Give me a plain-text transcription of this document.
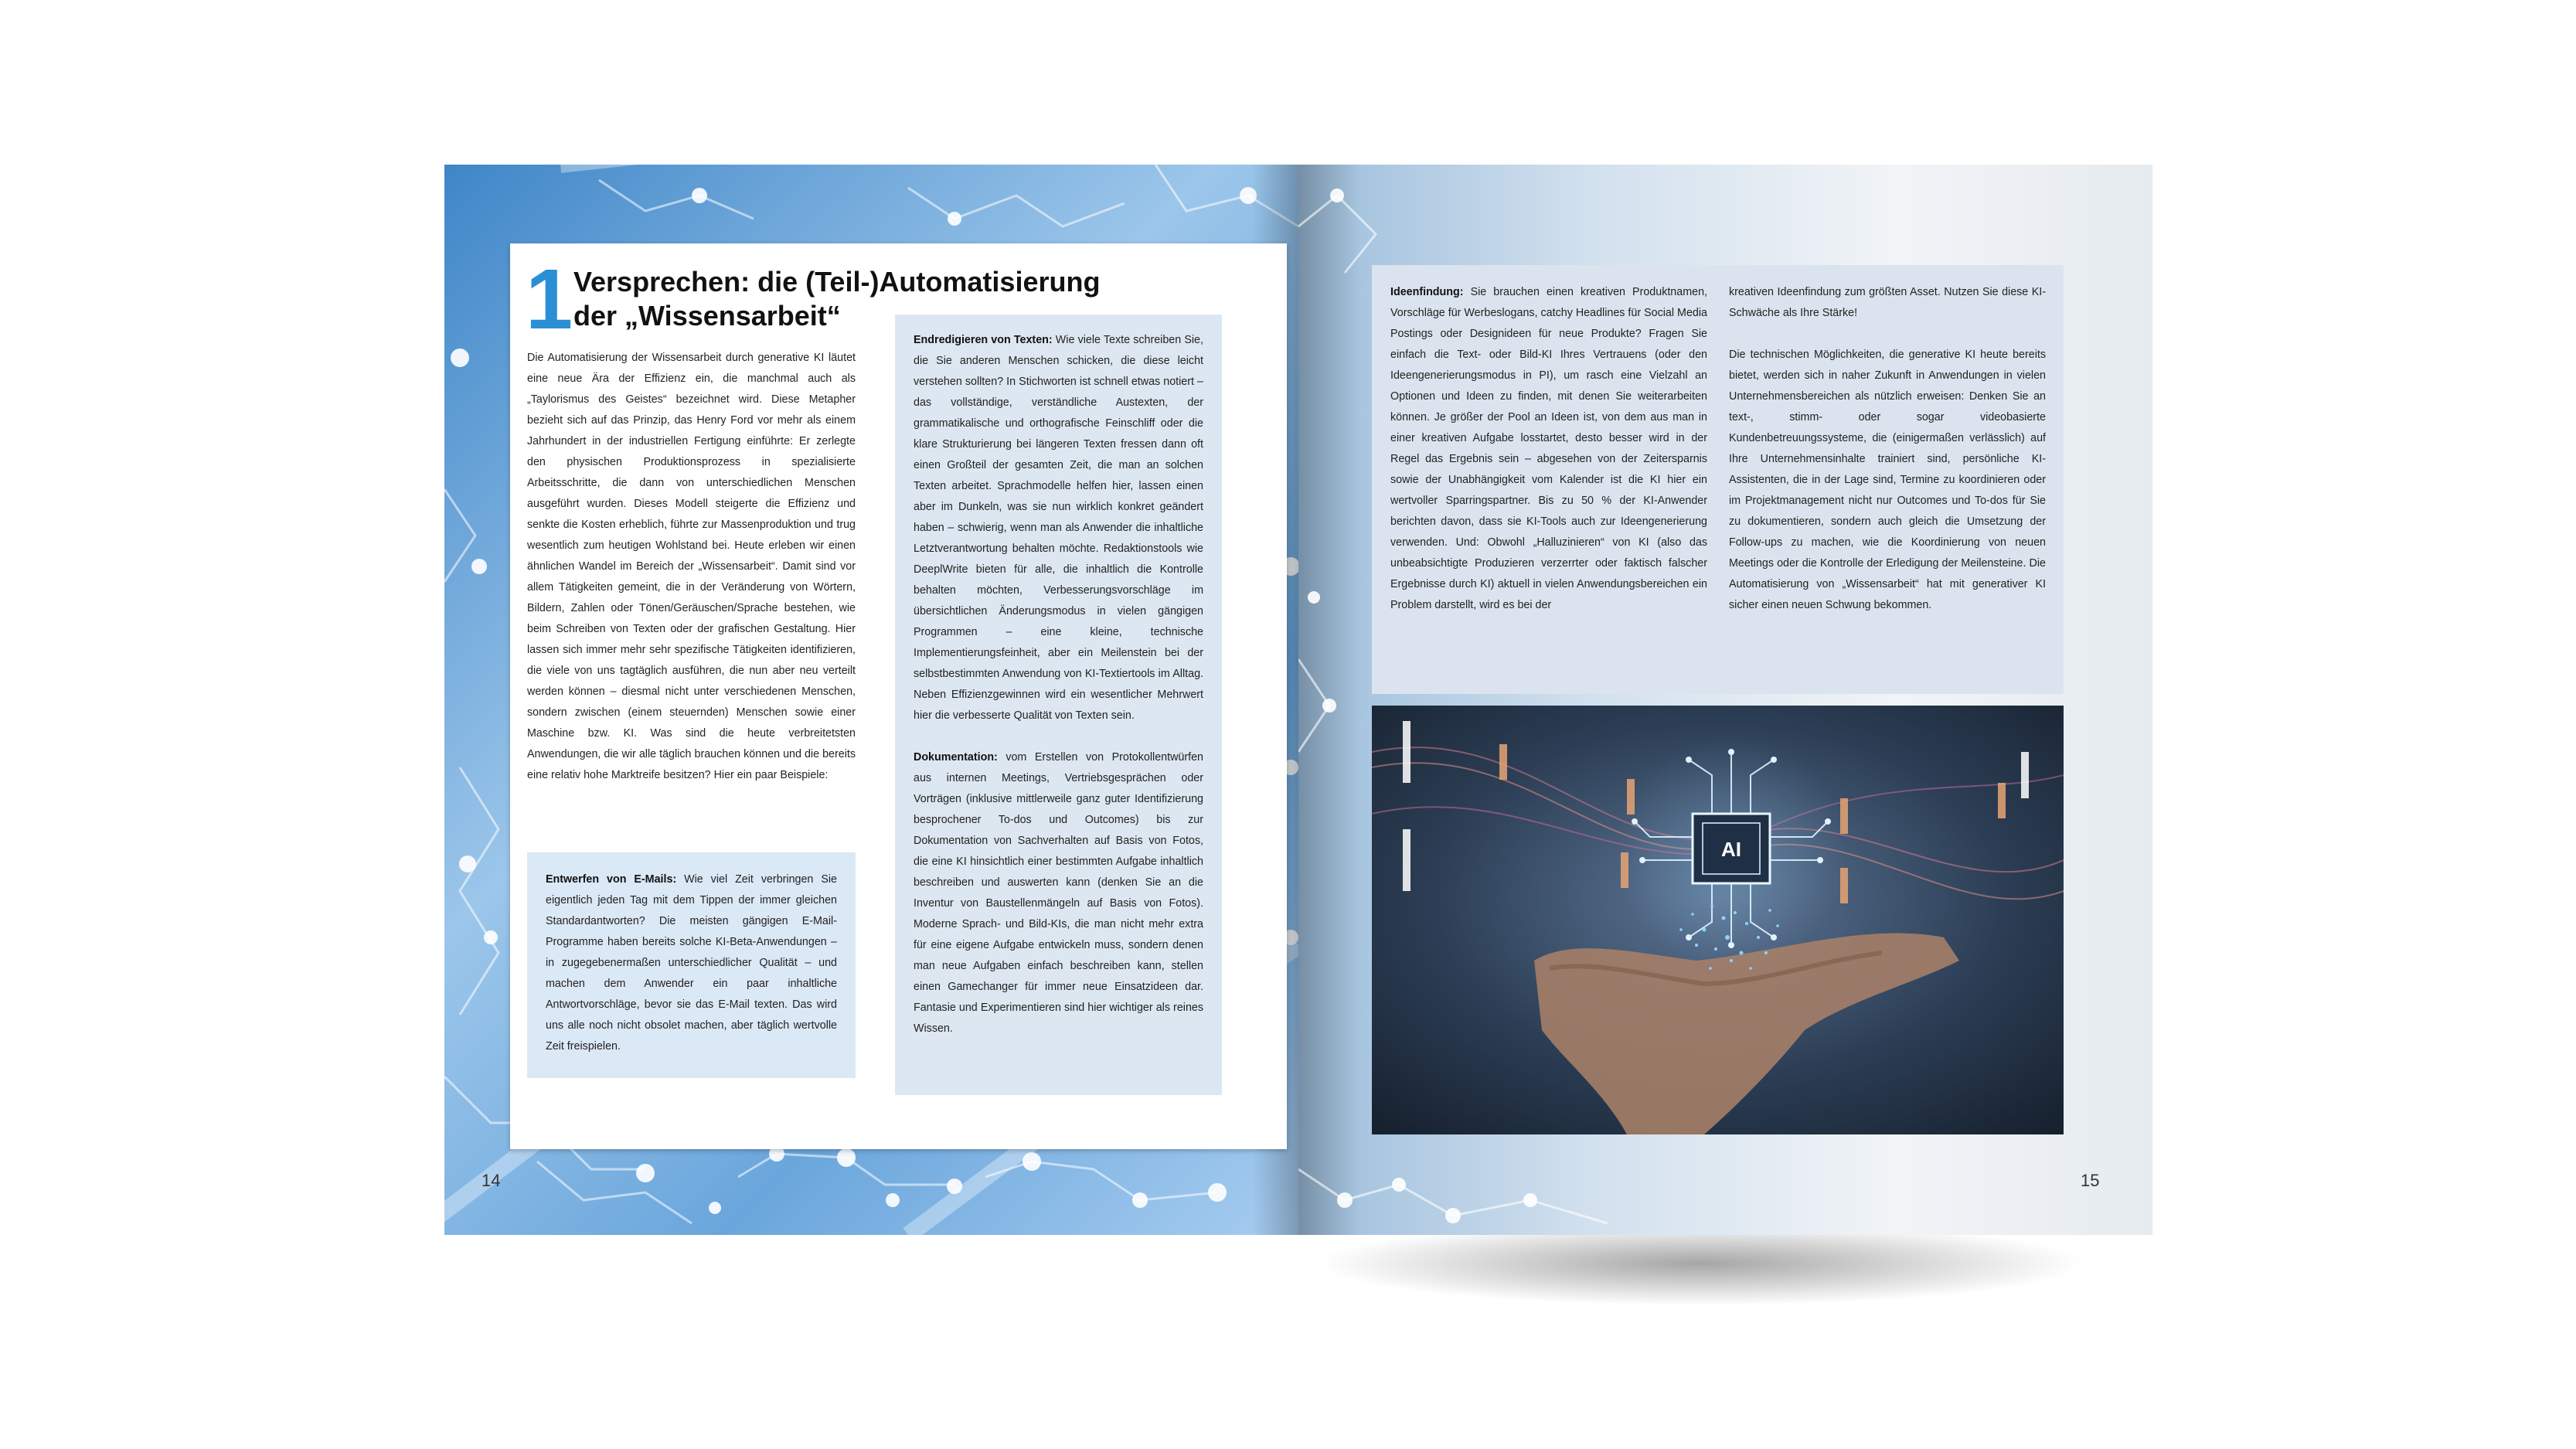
1 Versprechen: die (Teil-)Automatisierung
der „Wissensarbeit“

Die Automatisierung der Wissensarbeit durch generative KI läutet eine neue Ära der Effizienz ein, die manchmal auch als „Taylorismus des Geistes“ bezeichnet wird. Diese Metapher bezieht sich auf das Prinzip, das Henry Ford vor mehr als einem Jahrhundert in der industriellen Fertigung einführte: Er zerlegte den physischen Produktionsprozess in spezialisierte Arbeitsschritte, die dann von unterschiedlichen Menschen ausgeführt wurden. Dieses Modell steigerte die Effizienz und senkte die Kosten erheblich, führte zur Massenproduktion und trug wesentlich zum heutigen Wohlstand bei. Heute erleben wir einen ähnlichen Wandel im Bereich der „Wissensarbeit“. Damit sind vor allem Tätigkeiten gemeint, die in der Veränderung von Wörtern, Bildern, Zahlen oder Tönen/Geräuschen/Sprache bestehen, wie beim Schreiben von Texten oder der grafischen Gestaltung. Hier lassen sich immer mehr sehr spezifische Tätigkeiten identifizieren, die viele von uns tagtäglich ausführen, die nun aber neu verteilt werden können – diesmal nicht unter verschiedenen Menschen, sondern zwischen (einem steuernden) Menschen sowie einer Maschine bzw. KI. Was sind die heute verbreitetsten Anwendungen, die wir alle täglich brauchen können und die bereits eine relativ hohe Marktreife besitzen? Hier ein paar Beispiele:

Entwerfen von E-Mails: Wie viel Zeit verbringen Sie eigentlich jeden Tag mit dem Tippen der immer gleichen Standardantworten? Die meisten gängigen E-Mail-Programme haben bereits solche KI-Beta-Anwendungen – in zugegebenermaßen unterschiedlicher Qualität – und machen dem Anwender ein paar inhaltliche Antwortvorschläge, bevor sie das E-Mail texten. Das wird uns alle noch nicht obsolet machen, aber täglich wertvolle Zeit freispielen.

Endredigieren von Texten: Wie viele Texte schreiben Sie, die Sie anderen Menschen schicken, die diese leicht verstehen sollten? In Stichworten ist schnell etwas notiert – das vollständige, verständliche Austexten, der grammatikalische und orthografische Feinschliff oder die klare Strukturierung bei längeren Texten fressen dann oft einen Großteil der gesamten Zeit, die man an solchen Texten arbeitet. Sprachmodelle helfen hier, lassen einen aber im Dunkeln, was sie nun wirklich konkret geändert haben – schwierig, wenn man als Anwender die inhaltliche Letztverantwortung behalten möchte. Redaktionstools wie DeeplWrite bieten für alle, die inhaltlich die Kontrolle behalten möchten, Verbesserungsvorschläge im übersichtlichen Änderungsmodus in vielen gängigen Programmen – eine kleine, technische Implementierungsfeinheit, aber ein Meilenstein bei der selbstbestimmten Anwendung von KI-Textiertools im Alltag. Neben Effizienzgewinnen wird ein wesentlicher Mehrwert hier die verbesserte Qualität von Texten sein.

Dokumentation: vom Erstellen von Protokollentwürfen aus internen Meetings, Vertriebsgesprächen oder Vorträgen (inklusive mittlerweile ganz guter Identifizierung besprochener To-dos und Outcomes) bis zur Dokumentation von Sachverhalten auf Basis von Fotos, die eine KI hinsichtlich einer bestimmten Aufgabe inhaltlich beschreiben und auswerten kann (denken Sie an die Inventur von Baustellenmängeln auf Basis von Fotos). Moderne Sprach- und Bild-KIs, die man nicht mehr extra für eine eigene Aufgabe entwickeln muss, sondern denen man neue Aufgaben einfach beschreiben kann, stellen einen Gamechanger für immer neue Einsatzideen dar. Fantasie und Experimentieren sind hier wichtiger als reines Wissen.

14

Ideenfindung: Sie brauchen einen kreativen Produktnamen, Vorschläge für Werbeslogans, catchy Headlines für Social Media Postings oder Designideen für neue Produkte? Fragen Sie einfach die Text- oder Bild-KI Ihres Vertrauens (oder den Ideengenerierungsmodus in PI), um rasch eine Vielzahl an Optionen und Ideen zu finden, mit denen Sie weiterarbeiten können. Je größer der Pool an Ideen ist, von dem aus man in einer kreativen Aufgabe losstartet, desto besser wird in der Regel das Ergebnis sein – abgesehen von der Zeitersparnis sowie der Unabhängigkeit vom Kalender ist die KI hier ein wertvoller Sparringspartner. Bis zu 50 % der KI-Anwender berichten davon, dass sie KI-Tools auch zur Ideengenerierung verwenden. Und: Obwohl „Halluzinieren“ von KI (also das unbeabsichtigte Produzieren verzerrter oder faktisch falscher Ergebnisse durch KI) aktuell in vielen Anwendungsbereichen ein Problem darstellt, wird es bei der

kreativen Ideenfindung zum größten Asset. Nutzen Sie diese KI-Schwäche als Ihre Stärke!

Die technischen Möglichkeiten, die generative KI heute bereits bietet, werden sich in naher Zukunft in Anwendungen in vielen Unternehmensbereichen als nützlich erweisen: Denken Sie an text-, stimm- oder sogar videobasierte Kundenbetreuungssysteme, die (einigermaßen verlässlich) auf Ihre Unternehmensinhalte trainiert sind, persönliche KI-Assistenten, die in der Lage sind, Termine zu koordinieren oder im Projektmanagement nicht nur Outcomes und To-dos für Sie zu dokumentieren, sondern auch gleich die Umsetzung der Follow-ups zu machen, wie die Koordinierung von neuen Meetings oder die Kontrolle der Erledigung der Meilensteine. Die Automatisierung von „Wissensarbeit“ hat mit generativer KI sicher einen neuen Schwung bekommen.

AI
15
